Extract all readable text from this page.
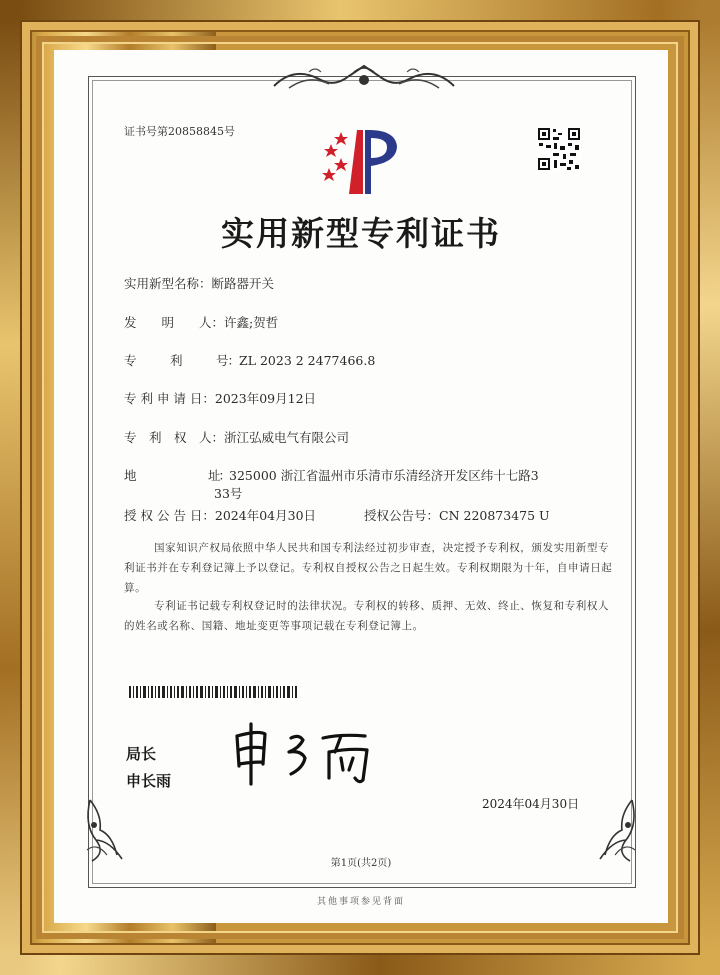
证书号第20858845号
实用新型专利证书
实用新型名称：断路器开关
发　　明　　人：许鑫;贺哲
专　　　利　　　号：ZL 2023 2 2477466.8
专 利 申 请 日：2023年09月12日
专　利　权　人：浙江弘威电气有限公司
地　　　　　　　址：325000 浙江省温州市乐清市乐清经济开发区纬十七路3
33号
授 权 公 告 日：2024年04月30日	授权公告号：CN 220873475 U
国家知识产权局依照中华人民共和国专利法经过初步审查，决定授予专利权，颁发实用新型专利证书并在专利登记簿上予以登记。专利权自授权公告之日起生效。专利权期限为十年，自申请日起算。
专利证书记载专利权登记时的法律状况。专利权的转移、质押、无效、终止、恢复和专利权人的姓名或名称、国籍、地址变更等事项记载在专利登记簿上。
局长
申长雨
2024年04月30日
第1页(共2页)
其他事项参见背面
